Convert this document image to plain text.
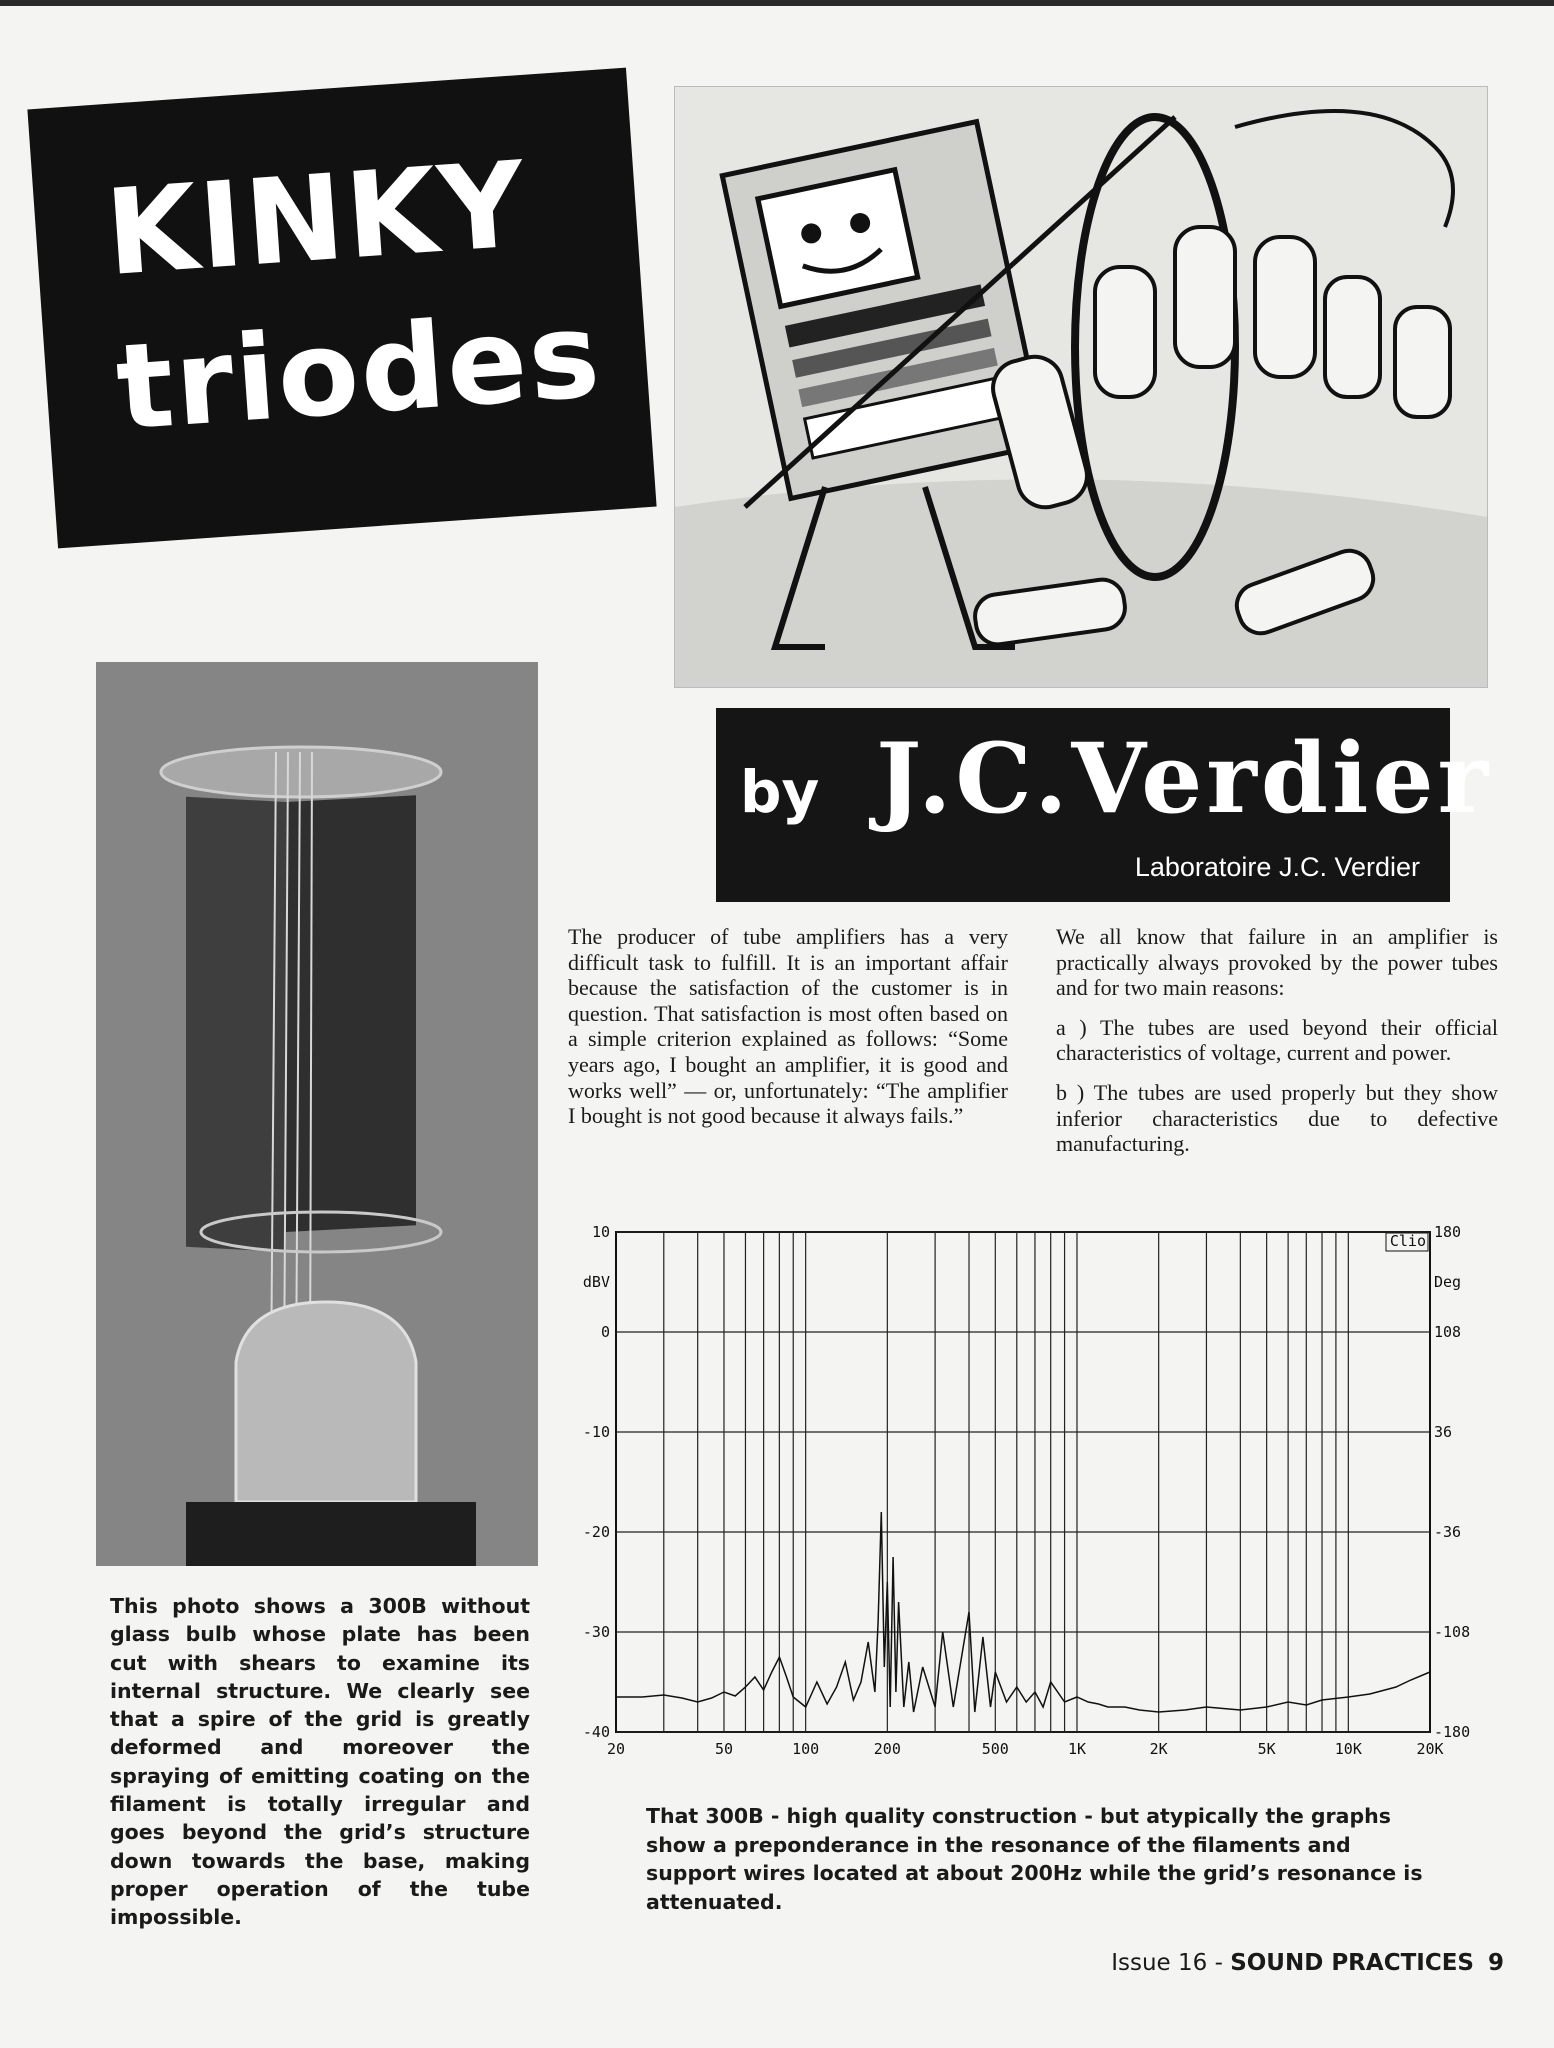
KINKY
triodes
by J.C.Verdier
Laboratoire J.C. Verdier
This photo shows a 300B without glass bulb whose plate has been cut with shears to examine its internal structure. We clearly see that a spire of the grid is greatly deformed and moreover the spraying of emitting coating on the filament is totally irregular and goes beyond the grid’s structure down towards the base, making proper operation of the tube impossible.

The producer of tube amplifiers has a very difficult task to fulfill. It is an important affair because the satisfaction of the customer is in question. That satisfaction is most often based on a simple criterion explained as follows: “Some years ago, I bought an amplifier, it is good and works well” — or, unfortunately: “The amplifier I bought is not good because it always fails.”

We all know that failure in an amplifier is practically always provoked by the power tubes and for two main reasons:

a ) The tubes are used beyond their official characteristics of voltage, current and power.

b ) The tubes are used properly but they show inferior characteristics due to defective manufacturing.

20	50	100	200	500	1K	2K	5K	10K	20K
10	180
0	108
-10	36
-20	-36
-30	-108
-40	-180
Clio
dBV	Deg
That 300B - high quality construction - but atypically the graphs show a preponderance in the resonance of the filaments and support wires located at about 200Hz while the grid’s resonance is attenuated.
Issue 16 - SOUND PRACTICES 9
